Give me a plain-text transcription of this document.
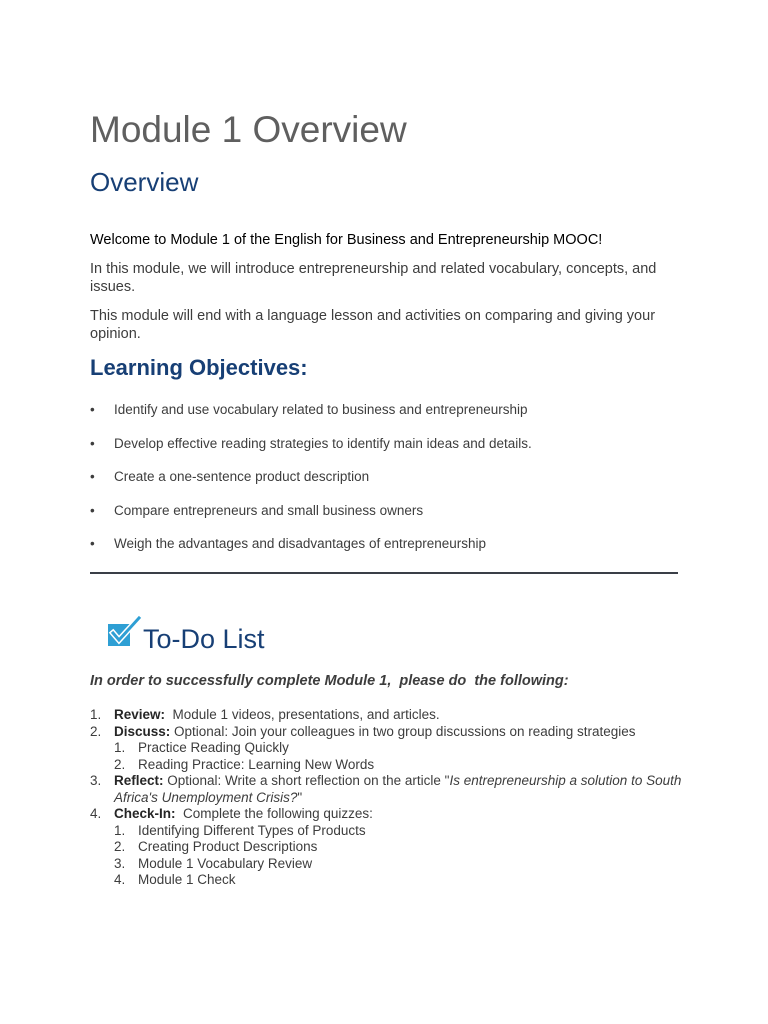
Module 1 Overview
Overview

Welcome to Module 1 of the English for Business and Entrepreneurship MOOC!

In this module, we will introduce entrepreneurship and related vocabulary, concepts, and issues.

This module will end with a language lesson and activities on comparing and giving your opinion.

Learning Objectives:
•	Identify and use vocabulary related to business and entrepreneurship
•	Develop effective reading strategies to identify main ideas and details.
•	Create a one-sentence product description
•	Compare entrepreneurs and small business owners
•	Weigh the advantages and disadvantages of entrepreneurship
To-Do List

In order to successfully complete Module 1,  please do  the following:

1. Review:  Module 1 videos, presentations, and articles.
2. Discuss: Optional: Join your colleagues in two group discussions on reading strategies
1. Practice Reading Quickly
2. Reading Practice: Learning New Words
3. Reflect: Optional: Write a short reflection on the article "Is entrepreneurship a solution to South Africa's Unemployment Crisis?"
4. Check-In:  Complete the following quizzes:
1. Identifying Different Types of Products
2. Creating Product Descriptions
3. Module 1 Vocabulary Review
4. Module 1 Check
